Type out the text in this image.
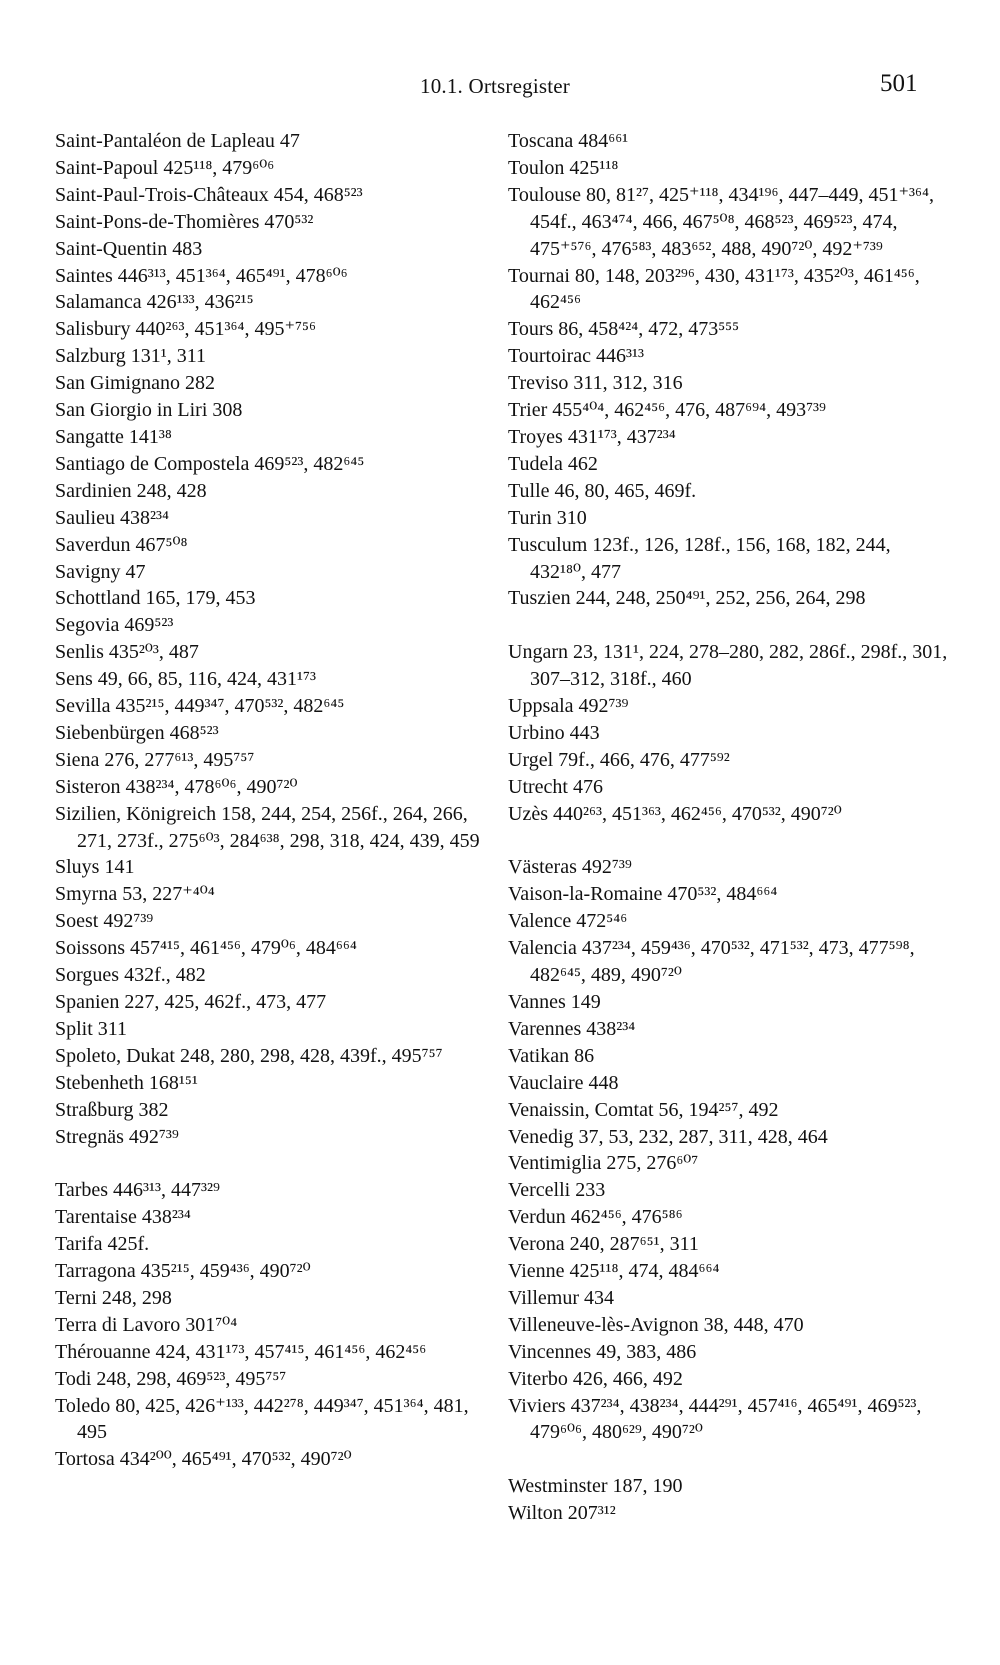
10.1. Ortsregister	501

Saint-Pantaléon de Lapleau 47

Saint-Papoul 425¹¹⁸, 479⁶⁰⁶

Saint-Paul-Trois-Châteaux 454, 468⁵²³

Saint-Pons-de-Thomières 470⁵³²

Saint-Quentin 483

Saintes 446³¹³, 451³⁶⁴, 465⁴⁹¹, 478⁶⁰⁶

Salamanca 426¹³³, 436²¹⁵

Salisbury 440²⁶³, 451³⁶⁴, 495⁺⁷⁵⁶

Salzburg 131¹, 311

San Gimignano 282

San Giorgio in Liri 308

Sangatte 141³⁸

Santiago de Compostela 469⁵²³, 482⁶⁴⁵

Sardinien 248, 428

Saulieu 438²³⁴

Saverdun 467⁵⁰⁸

Savigny 47

Schottland 165, 179, 453

Segovia 469⁵²³

Senlis 435²⁰³, 487

Sens 49, 66, 85, 116, 424, 431¹⁷³

Sevilla 435²¹⁵, 449³⁴⁷, 470⁵³², 482⁶⁴⁵

Siebenbürgen 468⁵²³

Siena 276, 277⁶¹³, 495⁷⁵⁷

Sisteron 438²³⁴, 478⁶⁰⁶, 490⁷²⁰

Sizilien, Königreich 158, 244, 254, 256f., 264, 266, 271, 273f., 275⁶⁰³, 284⁶³⁸, 298, 318, 424, 439, 459

Sluys 141

Smyrna 53, 227⁺⁴⁰⁴

Soest 492⁷³⁹

Soissons 457⁴¹⁵, 461⁴⁵⁶, 479⁰⁶, 484⁶⁶⁴

Sorgues 432f., 482

Spanien 227, 425, 462f., 473, 477

Split 311

Spoleto, Dukat 248, 280, 298, 428, 439f., 495⁷⁵⁷

Stebenheth 168¹⁵¹

Straßburg 382

Stregnäs 492⁷³⁹

Tarbes 446³¹³, 447³²⁹

Tarentaise 438²³⁴

Tarifa 425f.

Tarragona 435²¹⁵, 459⁴³⁶, 490⁷²⁰

Terni 248, 298

Terra di Lavoro 301⁷⁰⁴

Thérouanne 424, 431¹⁷³, 457⁴¹⁵, 461⁴⁵⁶, 462⁴⁵⁶

Todi 248, 298, 469⁵²³, 495⁷⁵⁷

Toledo 80, 425, 426⁺¹³³, 442²⁷⁸, 449³⁴⁷, 451³⁶⁴, 481, 495

Tortosa 434²⁰⁰, 465⁴⁹¹, 470⁵³², 490⁷²⁰

Toscana 484⁶⁶¹

Toulon 425¹¹⁸

Toulouse 80, 81²⁷, 425⁺¹¹⁸, 434¹⁹⁶, 447–449, 451⁺³⁶⁴, 454f., 463⁴⁷⁴, 466, 467⁵⁰⁸, 468⁵²³, 469⁵²³, 474, 475⁺⁵⁷⁶, 476⁵⁸³, 483⁶⁵², 488, 490⁷²⁰, 492⁺⁷³⁹

Tournai 80, 148, 203²⁹⁶, 430, 431¹⁷³, 435²⁰³, 461⁴⁵⁶, 462⁴⁵⁶

Tours 86, 458⁴²⁴, 472, 473⁵⁵⁵

Tourtoirac 446³¹³

Treviso 311, 312, 316

Trier 455⁴⁰⁴, 462⁴⁵⁶, 476, 487⁶⁹⁴, 493⁷³⁹

Troyes 431¹⁷³, 437²³⁴

Tudela 462

Tulle 46, 80, 465, 469f.

Turin 310

Tusculum 123f., 126, 128f., 156, 168, 182, 244, 432¹⁸⁰, 477

Tuszien 244, 248, 250⁴⁹¹, 252, 256, 264, 298

Ungarn 23, 131¹, 224, 278–280, 282, 286f., 298f., 301, 307–312, 318f., 460

Uppsala 492⁷³⁹

Urbino 443

Urgel 79f., 466, 476, 477⁵⁹²

Utrecht 476

Uzès 440²⁶³, 451³⁶³, 462⁴⁵⁶, 470⁵³², 490⁷²⁰

Västeras 492⁷³⁹

Vaison-la-Romaine 470⁵³², 484⁶⁶⁴

Valence 472⁵⁴⁶

Valencia 437²³⁴, 459⁴³⁶, 470⁵³², 471⁵³², 473, 477⁵⁹⁸, 482⁶⁴⁵, 489, 490⁷²⁰

Vannes 149

Varennes 438²³⁴

Vatikan 86

Vauclaire 448

Venaissin, Comtat 56, 194²⁵⁷, 492

Venedig 37, 53, 232, 287, 311, 428, 464

Ventimiglia 275, 276⁶⁰⁷

Vercelli 233

Verdun 462⁴⁵⁶, 476⁵⁸⁶

Verona 240, 287⁶⁵¹, 311

Vienne 425¹¹⁸, 474, 484⁶⁶⁴

Villemur 434

Villeneuve-lès-Avignon 38, 448, 470

Vincennes 49, 383, 486

Viterbo 426, 466, 492

Viviers 437²³⁴, 438²³⁴, 444²⁹¹, 457⁴¹⁶, 465⁴⁹¹, 469⁵²³, 479⁶⁰⁶, 480⁶²⁹, 490⁷²⁰

Westminster 187, 190

Wilton 207³¹²
